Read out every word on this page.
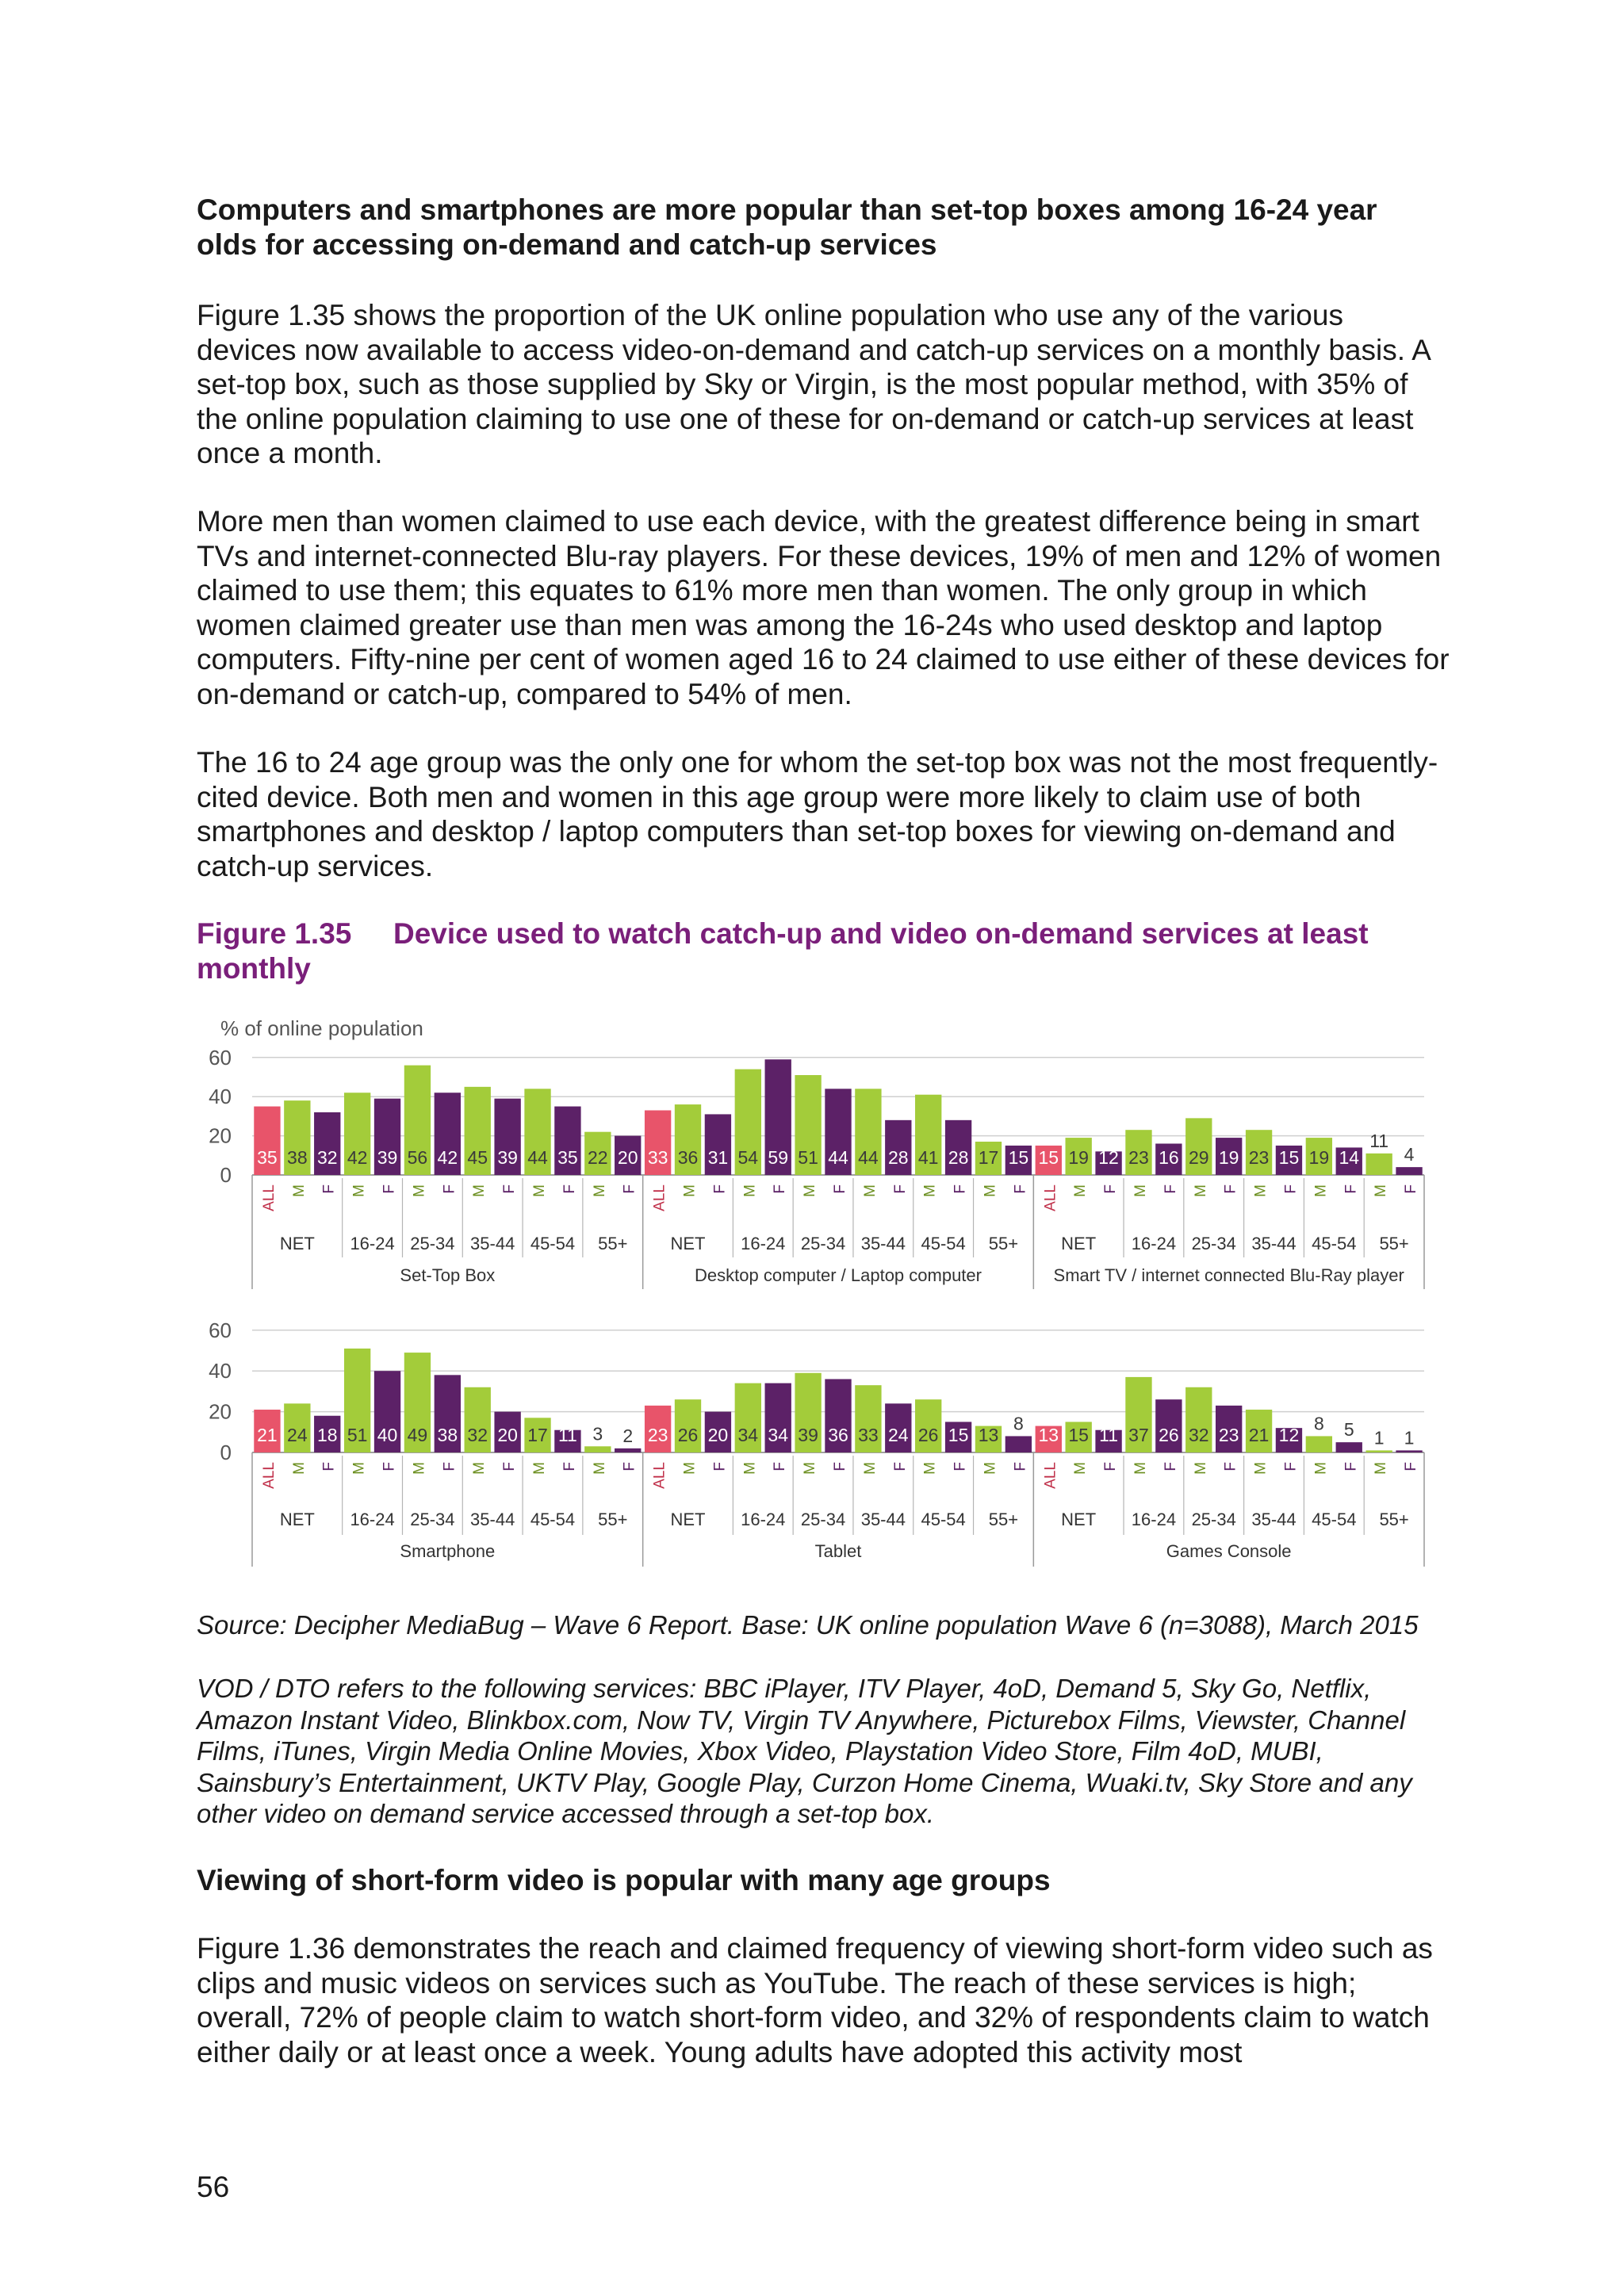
Computers and smartphones are more popular than set-top boxes among 16-24 year olds for accessing on-demand and catch-up services

Figure 1.35 shows the proportion of the UK online population who use any of the various devices now available to access video-on-demand and catch-up services on a monthly basis. A set-top box, such as those supplied by Sky or Virgin, is the most popular method, with 35% of the online population claiming to use one of these for on-demand or catch-up services at least once a month.

More men than women claimed to use each device, with the greatest difference being in smart TVs and internet-connected Blu-ray players. For these devices, 19% of men and 12% of women claimed to use them; this equates to 61% more men than women. The only group in which women claimed greater use than men was among the 16-24s who used desktop and laptop computers. Fifty-nine per cent of women aged 16 to 24 claimed to use either of these devices for on-demand or catch-up, compared to 54% of men.

The 16 to 24 age group was the only one for whom the set-top box was not the most frequently-cited device. Both men and women in this age group were more likely to claim use of both smartphones and desktop / laptop computers than set-top boxes for viewing on-demand and catch-up services.

Figure 1.35 Device used to watch catch-up and video on-demand services at least monthly
% of online population
0
20
40
60
35
ALL
38
M
32
F
42
M
39
F
56
M
42
F
45
M
39
F
44
M
35
F
22
M
20
F
NET 16-24 25-34 35-44 45-54 55+
Set-Top Box
33
ALL
36
M
31
F
54
M
59
F
51
M
44
F
44
M
28
F
41
M
28
F
17
M
15
F
NET 16-24 25-34 35-44 45-54 55+
Desktop computer / Laptop computer
15
ALL
19
M
12
F
23
M
16
F
29
M
19
F
23
M
15
F
19
M
14
F
11
M
4
F
NET 16-24 25-34 35-44 45-54 55+
Smart TV / internet connected Blu-Ray player
0
20
40
60
21
ALL
24
M
18
F
51
M
40
F
49
M
38
F
32
M
20
F
17
M
11
F
3
M
2
F
NET 16-24 25-34 35-44 45-54 55+
Smartphone
23
ALL
26
M
20
F
34
M
34
F
39
M
36
F
33
M
24
F
26
M
15
F
13
M
8
F
NET 16-24 25-34 35-44 45-54 55+
Tablet
13
ALL
15
M
11
F
37
M
26
F
32
M
23
F
21
M
12
F
8
M
5
F
1
M
1
F
NET 16-24 25-34 35-44 45-54 55+
Games Console

Source: Decipher MediaBug – Wave 6 Report. Base: UK online population Wave 6 (n=3088), March 2015

VOD / DTO refers to the following services: BBC iPlayer, ITV Player, 4oD, Demand 5, Sky Go, Netflix, Amazon Instant Video, Blinkbox.com, Now TV, Virgin TV Anywhere, Picturebox Films, Viewster, Channel Films, iTunes, Virgin Media Online Movies, Xbox Video, Playstation Video Store, Film 4oD, MUBI, Sainsbury’s Entertainment, UKTV Play, Google Play, Curzon Home Cinema, Wuaki.tv, Sky Store and any other video on demand service accessed through a set-top box.

Viewing of short-form video is popular with many age groups

Figure 1.36 demonstrates the reach and claimed frequency of viewing short-form video such as clips and music videos on services such as YouTube. The reach of these services is high; overall, 72% of people claim to watch short-form video, and 32% of respondents claim to watch either daily or at least once a week. Young adults have adopted this activity most

56
